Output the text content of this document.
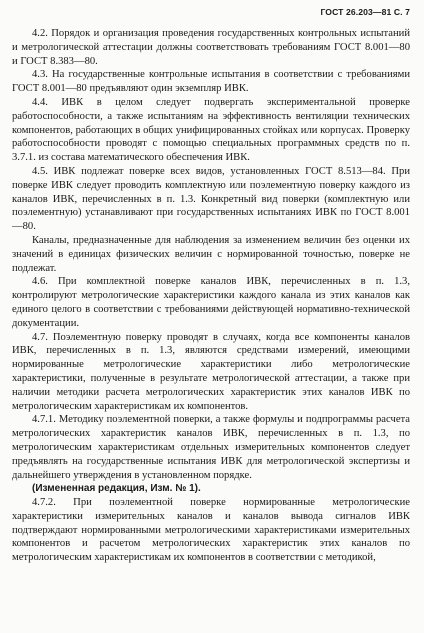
ГОСТ 26.203—81 С. 7

4.2. Порядок и организация проведения государственных контрольных испытаний и метрологической аттестации должны соответствовать требованиям ГОСТ 8.001—80 и ГОСТ 8.383—80.

4.3. На государственные контрольные испытания в соответствии с требованиями ГОСТ 8.001—80 предъявляют один экземпляр ИВК.

4.4. ИВК в целом следует подвергать экспериментальной проверке работоспособности, а также испытаниям на эффективность вентиляции технических компонентов, работающих в общих унифицированных стойках или корпусах. Проверку работоспособности проводят с помощью специальных программных средств по п. 3.7.1. из состава математического обеспечения ИВК.

4.5. ИВК подлежат поверке всех видов, установленных ГОСТ 8.513—84. При поверке ИВК следует проводить комплектную или поэлементную поверку каждого из каналов ИВК, перечисленных в п. 1.3. Конкретный вид поверки (комплектную или поэлементную) устанавливают при государственных испытаниях ИВК по ГОСТ 8.001—80.

Каналы, предназначенные для наблюдения за изменением величин без оценки их значений в единицах физических величин с нормированной точностью, поверке не подлежат.

4.6. При комплектной поверке каналов ИВК, перечисленных в п. 1.3, контролируют метрологические характеристики каждого канала из этих каналов как единого целого в соответствии с требованиями действующей нормативно-технической документации.

4.7. Поэлементную поверку проводят в случаях, когда все компоненты каналов ИВК, перечисленных в п. 1.3, являются средствами измерений, имеющими нормированные метрологические характеристики либо метрологические характеристики, полученные в результате метрологической аттестации, а также при наличии методики расчета метрологических характеристик этих каналов ИВК по метрологическим характеристикам их компонентов.

4.7.1. Методику поэлементной поверки, а также формулы и подпрограммы расчета метрологических характеристик каналов ИВК, перечисленных в п. 1.3, по метрологическим характеристикам отдельных измерительных компонентов следует предъявлять на государственные испытания ИВК для метрологической экспертизы и дальнейшего утверждения в установленном порядке.

(Измененная редакция, Изм. № 1).

4.7.2. При поэлементной поверке нормированные метрологические характеристики измерительных каналов и каналов вывода сигналов ИВК подтверждают нормированными метрологическими характеристиками измерительных компонентов и расчетом метрологических характеристик этих каналов по метрологическим характеристикам их компонентов в соответствии с методикой,
